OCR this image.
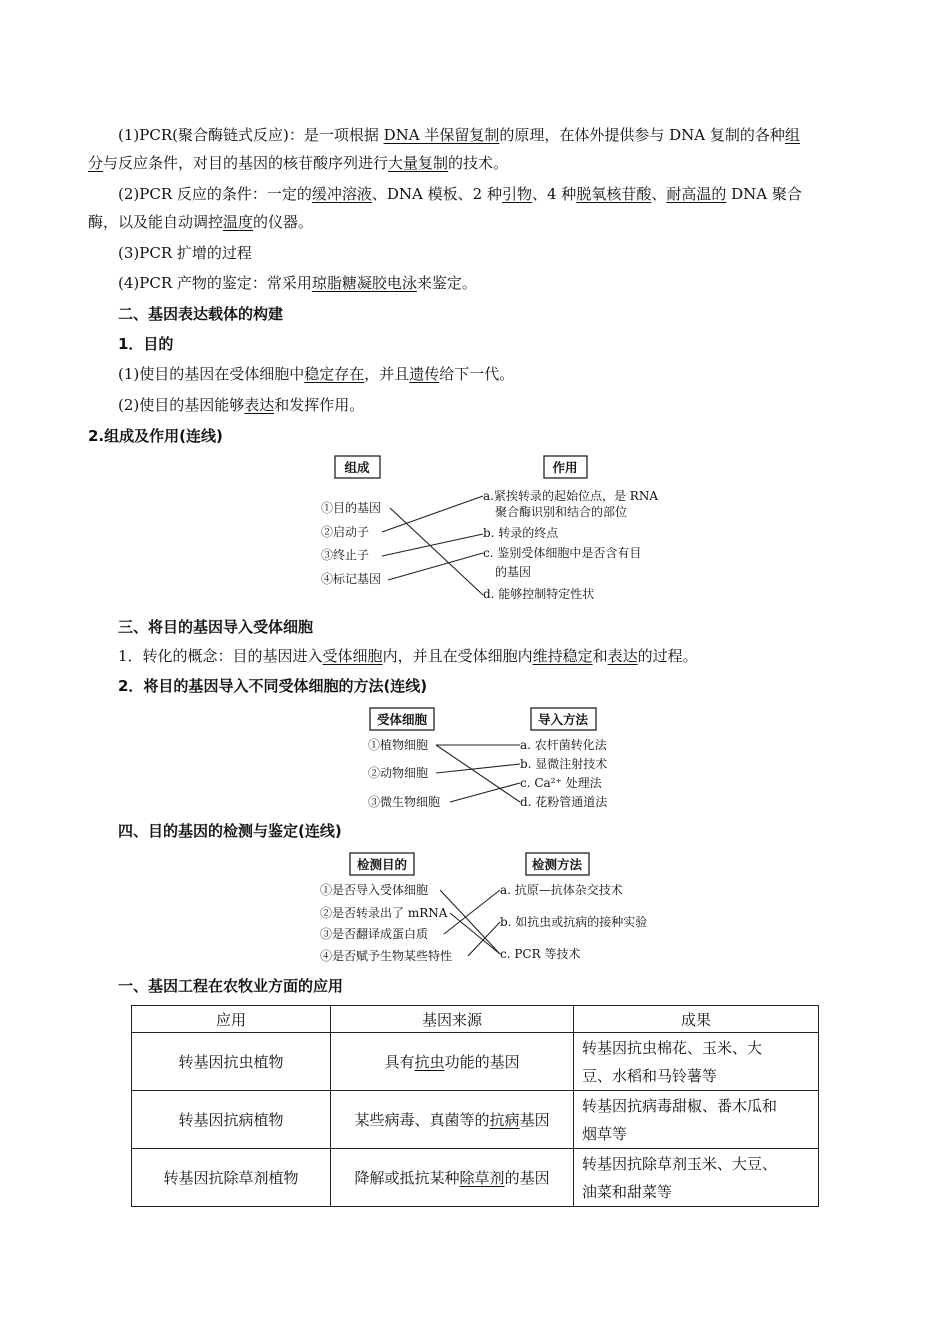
(1)PCR(聚合酶链式反应)：是一项根据 DNA 半保留复制的原理，在体外提供参与 DNA 复制的各种组
分与反应条件，对目的基因的核苷酸序列进行大量复制的技术。
(2)PCR 反应的条件：一定的缓冲溶液、DNA 模板、2 种引物、4 种脱氧核苷酸、耐高温的 DNA 聚合
酶，以及能自动调控温度的仪器。
(3)PCR 扩增的过程
(4)PCR 产物的鉴定：常采用琼脂糖凝胶电泳来鉴定。
二、基因表达载体的构建
1．目的
(1)使目的基因在受体细胞中稳定存在，并且遗传给下一代。
(2)使目的基因能够表达和发挥作用。
2.组成及作用(连线)
组成	作用
①目的基因
②启动子
③终止子
④标记基因
a.紧挨转录的起始位点，是 RNA
聚合酶识别和结合的部位
b. 转录的终点
c. 鉴别受体细胞中是否含有目
的基因
d. 能够控制特定性状
三、将目的基因导入受体细胞
1．转化的概念：目的基因进入受体细胞内，并且在受体细胞内维持稳定和表达的过程。
2．将目的基因导入不同受体细胞的方法(连线)
受体细胞	导入方法
①植物细胞
②动物细胞
③微生物细胞
a. 农杆菌转化法
b. 显微注射技术
c. Ca²⁺ 处理法
d. 花粉管通道法
四、目的基因的检测与鉴定(连线)
检测目的	检测方法
①是否导入受体细胞
②是否转录出了 mRNA
③是否翻译成蛋白质
④是否赋予生物某些特性
a. 抗原—抗体杂交技术
b. 如抗虫或抗病的接种实验
c. PCR 等技术
一、基因工程在农牧业方面的应用
应用	基因来源	成果
转基因抗虫植物	具有抗虫功能的基因	转基因抗虫棉花、玉米、大
豆、水稻和马铃薯等
转基因抗病植物	某些病毒、真菌等的抗病基因	转基因抗病毒甜椒、番木瓜和
烟草等
转基因抗除草剂植物	降解或抵抗某种除草剂的基因	转基因抗除草剂玉米、大豆、
油菜和甜菜等
